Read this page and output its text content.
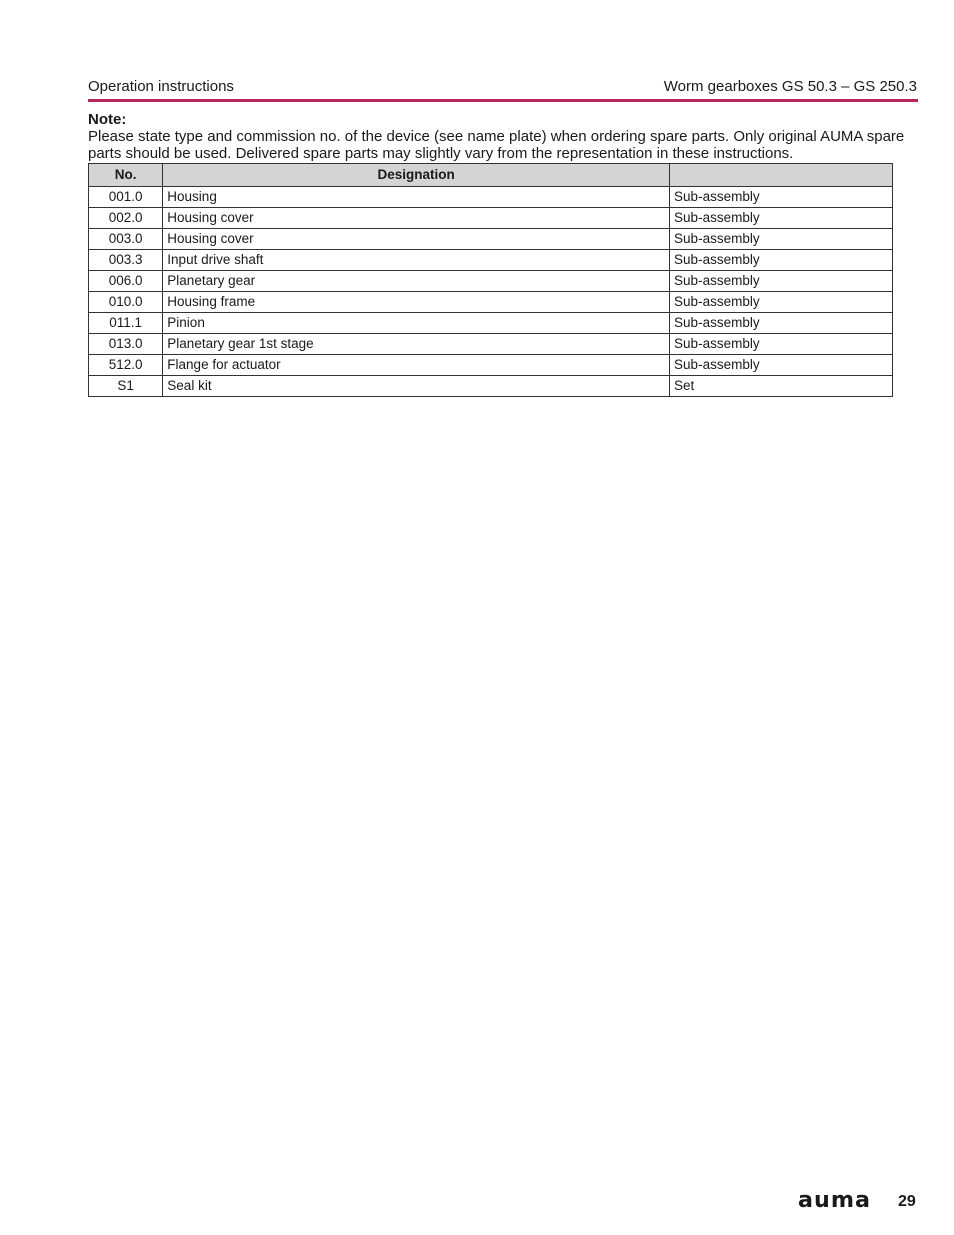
Operation instructions	Worm gearboxes GS 50.3 – GS 250.3
Note:
Please state type and commission no. of the device (see name plate) when ordering spare parts. Only original AUMA spare parts should be used. Delivered spare parts may slightly vary from the representation in these instructions.
No.	Designation	
001.0	Housing	Sub-assembly
002.0	Housing cover	Sub-assembly
003.0	Housing cover	Sub-assembly
003.3	Input drive shaft	Sub-assembly
006.0	Planetary gear	Sub-assembly
010.0	Housing frame	Sub-assembly
011.1	Pinion	Sub-assembly
013.0	Planetary gear 1st stage	Sub-assembly
512.0	Flange for actuator	Sub-assembly
S1	Seal kit	Set
auma 29
